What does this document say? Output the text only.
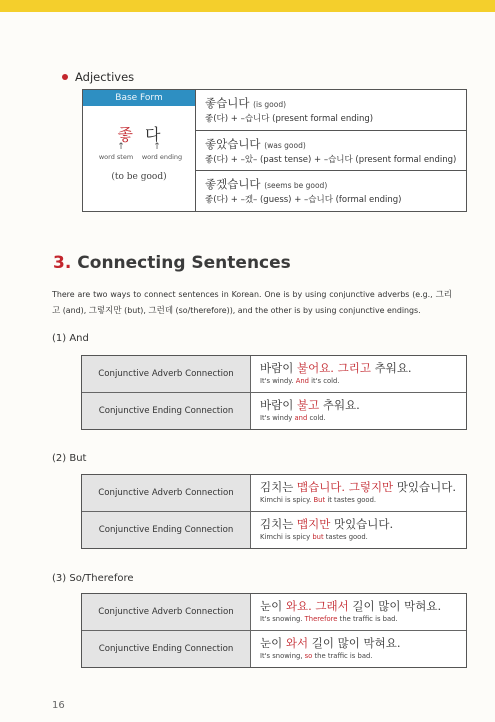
Adjectives
Base Form
좋 다
↑	↑
word stem word ending
(to be good)
좋습니다 (is good)
좋(다) + –습니다 (present formal ending)
좋았습니다 (was good)
좋(다) + –았– (past tense) + –습니다 (present formal ending)
좋겠습니다 (seems be good)
좋(다) + –겠– (guess) + –습니다 (formal ending)
3. Connecting Sentences
There are two ways to connect sentences in Korean. One is by using conjunctive adverbs (e.g., 그리고 (and), 그렇지만 (but), 그런데 (so/therefore)), and the other is by using conjunctive endings.
(1) And
Conjunctive Adverb Connection	바람이 불어요. 그리고 추워요.
It's windy. And it's cold.
Conjunctive Ending Connection	바람이 불고 추워요.
It's windy and cold.
(2) But
Conjunctive Adverb Connection	김치는 맵습니다. 그렇지만 맛있습니다.
Kimchi is spicy. But it tastes good.
Conjunctive Ending Connection	김치는 맵지만 맛있습니다.
Kimchi is spicy but tastes good.
(3) So/Therefore
Conjunctive Adverb Connection	눈이 와요. 그래서 길이 많이 막혀요.
It's snowing. Therefore the traffic is bad.
Conjunctive Ending Connection	눈이 와서 길이 많이 막혀요.
It's snowing, so the traffic is bad.
16
